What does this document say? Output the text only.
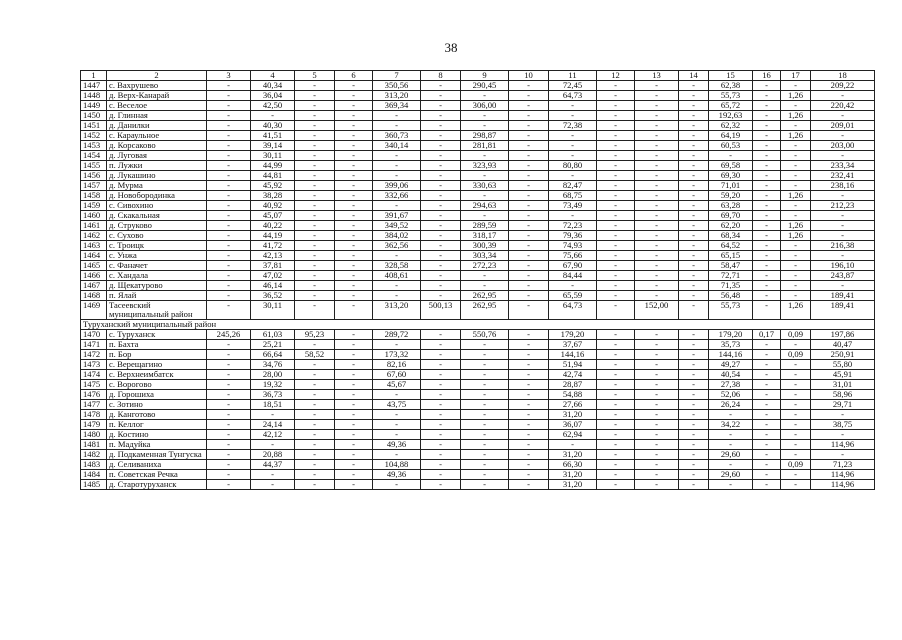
38
1	2	3	4	5	6	7	8	9	10	11	12	13	14	15	16	17	18
1447	с. Вахрушево	-	40,34	-	-	350,56	-	290,45	-	72,45	-	-	-	62,38	-	-	209,22
1448	д. Верх-Канарай	-	36,04	-	-	313,20	-	-	-	64,73	-	-	-	55,73	-	1,26	-
1449	с. Веселое	-	42,50	-	-	369,34	-	306,00	-	-	-	-	-	65,72	-	-	220,42
1450	д. Глинная	-	-	-	-	-	-	-	-	-	-	-	-	192,63	-	1,26	-
1451	д. Данилки	-	40,30	-	-	-	-	-	-	72,38	-	-	-	62,32	-	-	209,01
1452	с. Караульное	-	41,51	-	-	360,73	-	298,87	-	-	-	-	-	64,19	-	1,26	-
1453	д. Корсаково	-	39,14	-	-	340,14	-	281,81	-	-	-	-	-	60,53	-	-	203,00
1454	д. Луговая	-	30,11	-	-	-	-	-	-	-	-	-	-	-	-	-	-
1455	п. Лужки	-	44,99	-	-	-	-	323,93	-	80,80	-	-	-	69,58	-	-	233,34
1456	д. Лукашино	-	44,81	-	-	-	-	-	-	-	-	-	-	69,30	-	-	232,41
1457	д. Мурма	-	45,92	-	-	399,06	-	330,63	-	82,47	-	-	-	71,01	-	-	238,16
1458	д. Новобородинка	-	38,28	-	-	332,66	-	-	-	68,75	-	-	-	59,20	-	1,26	-
1459	с. Сивохино	-	40,92	-	-	-	-	294,63	-	73,49	-	-	-	63,28	-	-	212,23
1460	д. Скакальная	-	45,07	-	-	391,67	-	-	-	-	-	-	-	69,70	-	-	-
1461	д. Струково	-	40,22	-	-	349,52	-	289,59	-	72,23	-	-	-	62,20	-	1,26	-
1462	с. Сухово	-	44,19	-	-	384,02	-	318,17	-	79,36	-	-	-	68,34	-	1,26	-
1463	с. Троицк	-	41,72	-	-	362,56	-	300,39	-	74,93	-	-	-	64,52	-	-	216,38
1464	с. Унжа	-	42,13	-	-	-	-	303,34	-	75,66	-	-	-	65,15	-	-	-
1465	с. Фаначет	-	37,81	-	-	328,58	-	272,23	-	67,90	-	-	-	58,47	-	-	196,10
1466	с. Хандала	-	47,02	-	-	408,61	-	-	-	84,44	-	-	-	72,71	-	-	243,87
1467	д. Щекатурово	-	46,14	-	-	-	-	-	-	-	-	-	-	71,35	-	-	-
1468	п. Ялай	-	36,52	-	-	-	-	262,95	-	65,59	-	-	-	56,48	-	-	189,41
1469	Тасеевский муниципальный район	-	30,11	-	-	313,20	500,13	262,95	-	64,73	-	152,00	-	55,73	-	1,26	189,41
Туруханский муниципальный район																	
1470	с. Туруханск	245,26	61,03	95,23	-	289,72	-	550,76	-	179,20	-	-	-	179,20	0,17	0,09	197,86
1471	п. Бахта	-	25,21	-	-	-	-	-	-	37,67	-	-	-	35,73	-	-	40,47
1472	п. Бор	-	66,64	58,52	-	173,32	-	-	-	144,16	-	-	-	144,16	-	0,09	250,91
1473	с. Верещагино	-	34,76	-	-	82,16	-	-	-	51,94	-	-	-	49,27	-	-	55,80
1474	с. Верхнеимбатск	-	28,00	-	-	67,60	-	-	-	42,74	-	-	-	40,54	-	-	45,91
1475	с. Ворогово	-	19,32	-	-	45,67	-	-	-	28,87	-	-	-	27,38	-	-	31,01
1476	д. Горошиха	-	36,73	-	-	-	-	-	-	54,88	-	-	-	52,06	-	-	58,96
1477	с. Зотино	-	18,51	-	-	43,75	-	-	-	27,66	-	-	-	26,24	-	-	29,71
1478	д. Канготово	-	-	-	-	-	-	-	-	31,20	-	-	-	-	-	-	-
1479	п. Келлог	-	24,14	-	-	-	-	-	-	36,07	-	-	-	34,22	-	-	38,75
1480	д. Костино	-	42,12	-	-	-	-	-	-	62,94	-	-	-	-	-	-	-
1481	п. Мадуйка	-	-	-	-	49,36	-	-	-	-	-	-	-	-	-	-	114,96
1482	д. Подкаменная Тунгуска	-	20,88	-	-	-	-	-	-	31,20	-	-	-	29,60	-	-	-
1483	д. Селиваниха	-	44,37	-	-	104,88	-	-	-	66,30	-	-	-	-	-	0,09	71,23
1484	п. Советская Речка	-	-	-	-	49,36	-	-	-	31,20	-	-	-	29,60	-	-	114,96
1485	д. Старотуруханск	-	-	-	-	-	-	-	-	31,20	-	-	-	-	-	-	114,96
